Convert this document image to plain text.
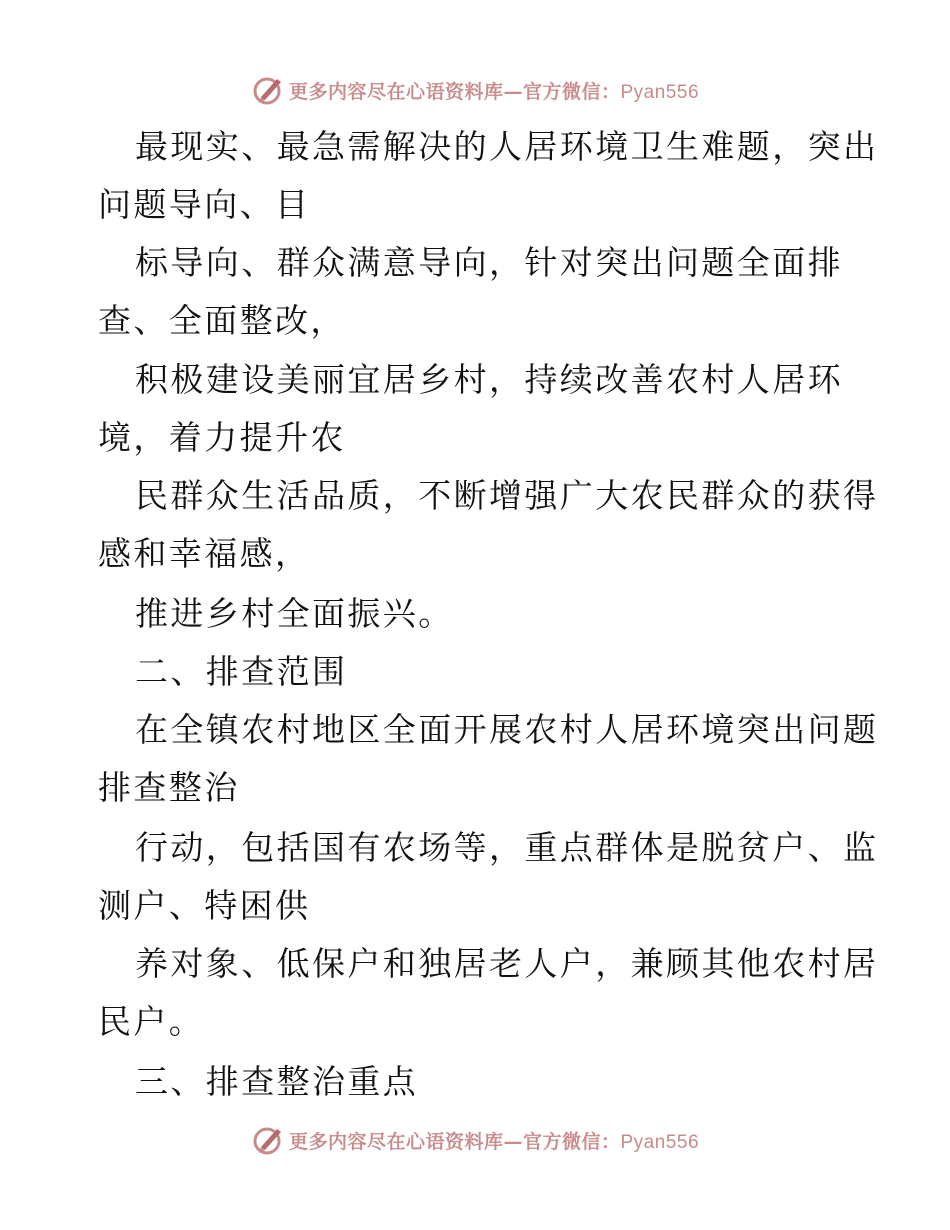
更多内容尽在心语资料库—官方微信：Pyan556
最现实、最急需解决的人居环境卫生难题，突出
问题导向、目
标导向、群众满意导向，针对突出问题全面排
查、全面整改，
积极建设美丽宜居乡村，持续改善农村人居环
境，着力提升农
民群众生活品质，不断增强广大农民群众的获得
感和幸福感，
推进乡村全面振兴。
二、排查范围
在全镇农村地区全面开展农村人居环境突出问题
排查整治
行动，包括国有农场等，重点群体是脱贫户、监
测户、特困供
养对象、低保户和独居老人户，兼顾其他农村居
民户。
三、排查整治重点
更多内容尽在心语资料库—官方微信：Pyan556
